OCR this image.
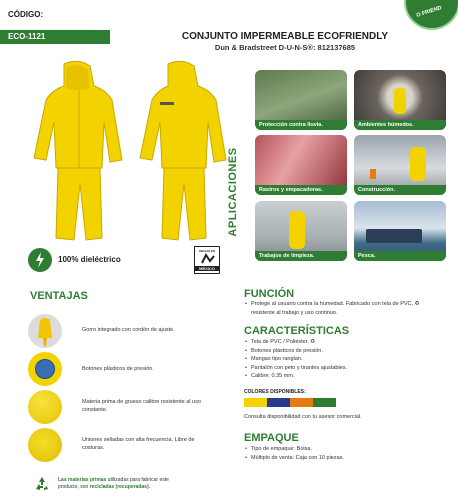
CÓDIGO:
ECO-1121	CONJUNTO IMPERMEABLE ECOFRIENDLY
Dun & Bradstreet D-U-N-S®: 812137685
O FRIEND
100% dieléctrico
HECHO EN
MÉXICO
APLICACIONES
Protección contra lluvia.	Ambientes húmedos.
Rastros y empacadoras.	Construcción.
Trabajos de limpieza.	Pesca.
VENTAJAS
Gorro integrado con cordón de ajuste.
Botones plásticos de presión.
Materia prima de grueso calibre resistente al uso constante.
Uniones selladas con alta frecuencia. Libre de costuras.
Las materias primas utilizadas para fabricar este producto, son recicladas (recuperadas).
FUNCIÓN
• Protege al usuario contra la humedad. Fabricado con tela de PVC, ♻ resistente al trabajo y uso continuo.
CARACTERÍSTICAS
• Tela de PVC / Poliéster. ♻
• Botones plásticos de presión.
• Mangas tipo ranglan.
• Pantalón con peto y tirantes ajustables.
• Calibre: 0.35 mm.
COLORES DISPONIBLES:
Consulta disponibilidad con tu asesor comercial.
EMPAQUE
• Tipo de empaque: Bolsa.
• Múltiplo de venta: Caja con 10 piezas.
